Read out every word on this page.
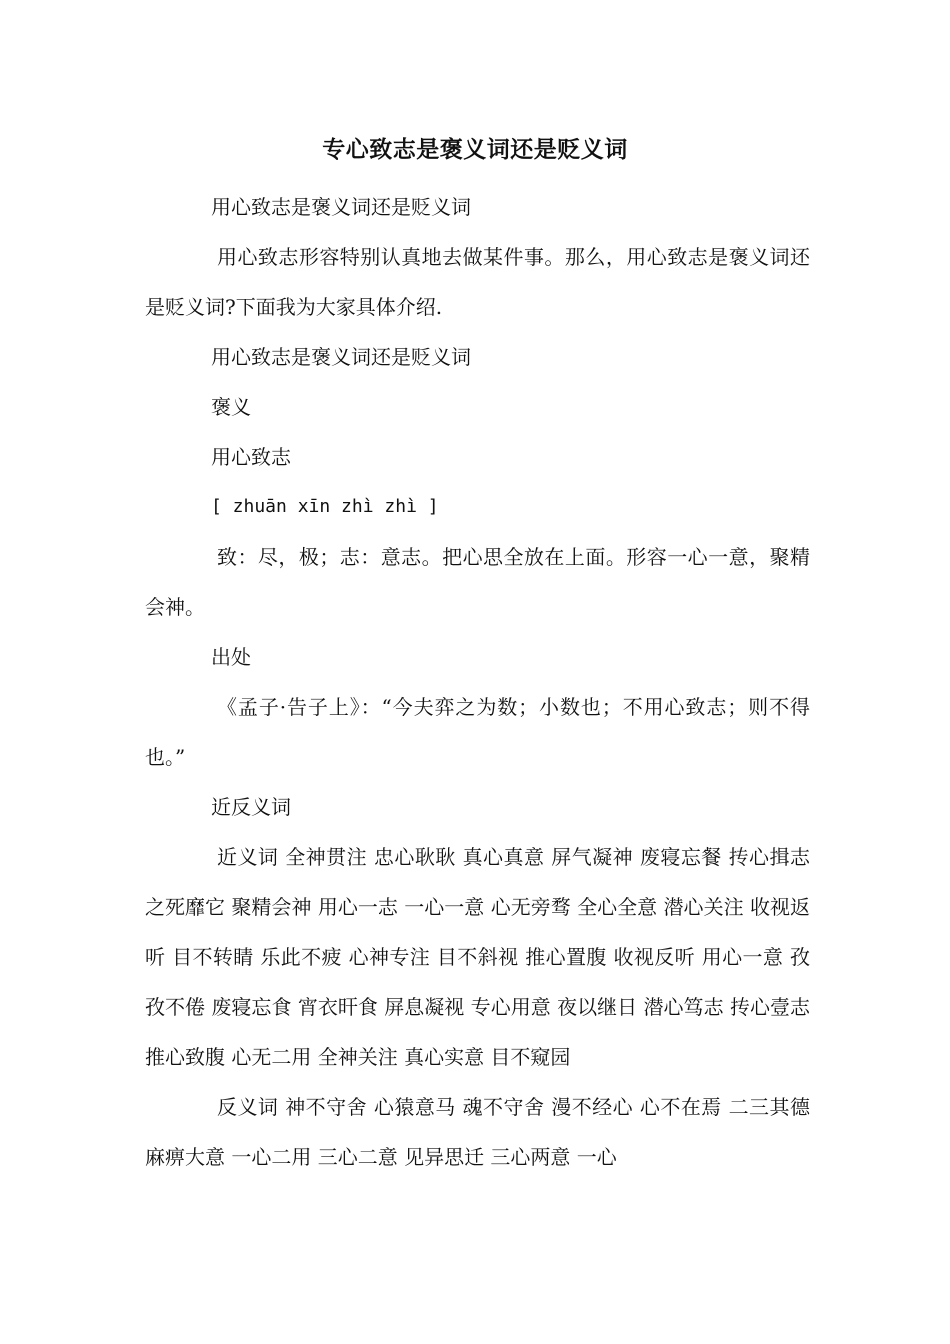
专心致志是褒义词还是贬义词

用心致志是褒义词还是贬义词

用心致志形容特别认真地去做某件事。那么，用心致志是褒义词还是贬义词?下面我为大家具体介绍.

用心致志是褒义词还是贬义词

褒义

用心致志

[ zhuān xīn zhì zhì ]

致：尽，极；志：意志。把心思全放在上面。形容一心一意，聚精会神。

出处

《孟子·告子上》：“今夫弈之为数；小数也；不用心致志；则不得也。”

近反义词

近义词 全神贯注 忠心耿耿 真心真意 屏气凝神 废寝忘餐 抟心揖志 之死靡它 聚精会神 用心一志 一心一意 心无旁骛 全心全意 潜心关注 收视返听 目不转睛 乐此不疲 心神专注 目不斜视 推心置腹 收视反听 用心一意 孜孜不倦 废寝忘食 宵衣旰食 屏息凝视 专心用意 夜以继日 潜心笃志 抟心壹志 推心致腹 心无二用 全神关注 真心实意 目不窥园

反义词 神不守舍 心猿意马 魂不守舍 漫不经心 心不在焉 二三其德 麻痹大意 一心二用 三心二意 见异思迁 三心两意 一心
